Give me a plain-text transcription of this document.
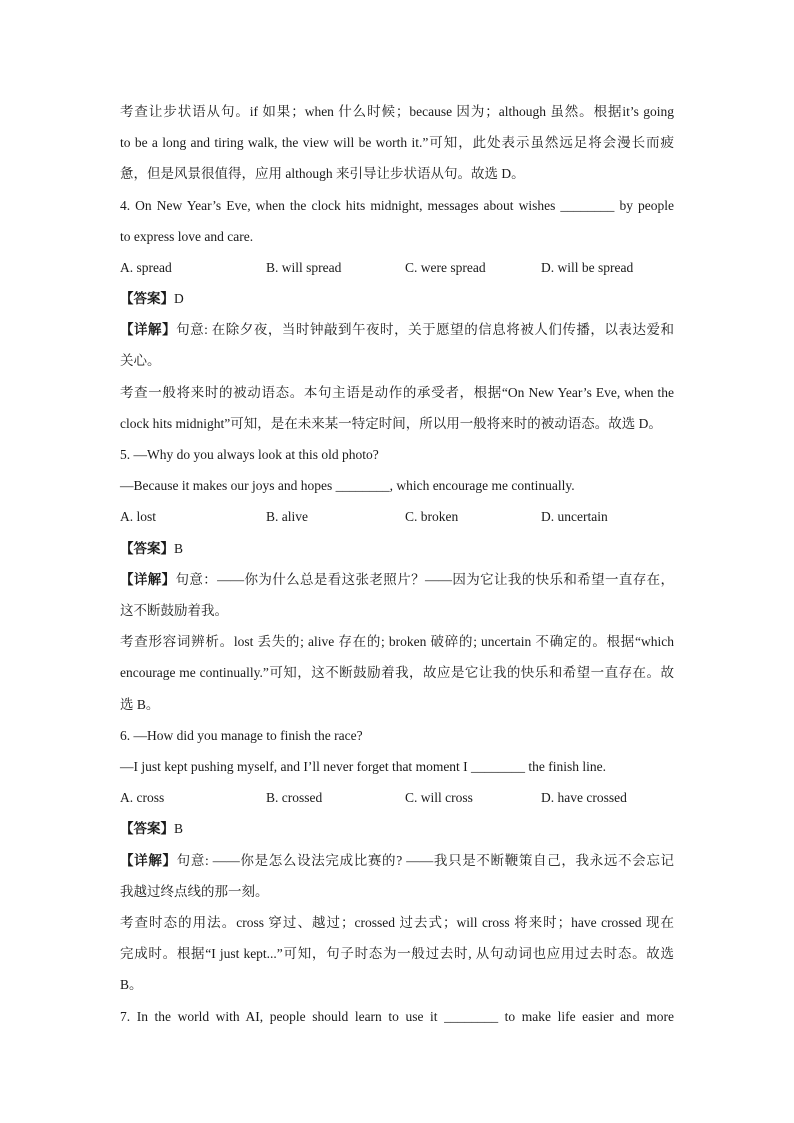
考查让步状语从句。if 如果；when 什么时候；because 因为；although 虽然。根据it’s going
to be a long and tiring walk, the view will be worth it.”可知，此处表示虽然远足将会漫长而疲
惫，但是风景很值得，应用 although 来引导让步状语从句。故选 D。
4. On New Year’s Eve, when the clock hits midnight, messages about wishes ________ by people
to express love and care.
A. spread	B. will spread	C. were spread	D. will be spread
【答案】D
【详解】句意: 在除夕夜，当时钟敲到午夜时，关于愿望的信息将被人们传播，以表达爱和
关心。
考查一般将来时的被动语态。本句主语是动作的承受者，根据“On New Year’s Eve, when the
clock hits midnight”可知，是在未来某一特定时间，所以用一般将来时的被动语态。故选 D。
5. —Why do you always look at this old photo?
—Because it makes our joys and hopes ________, which encourage me continually.
A. lost	B. alive	C. broken	D. uncertain
【答案】B
【详解】句意：——你为什么总是看这张老照片？——因为它让我的快乐和希望一直存在，
这不断鼓励着我。
考查形容词辨析。lost 丢失的; alive 存在的; broken 破碎的; uncertain 不确定的。根据“which
encourage me continually.”可知，这不断鼓励着我，故应是它让我的快乐和希望一直存在。故
选 B。
6. —How did you manage to finish the race?
—I just kept pushing myself, and I’ll never forget that moment I ________ the finish line.
A. cross	B. crossed	C. will cross	D. have crossed
【答案】B
【详解】句意: ——你是怎么设法完成比赛的? ——我只是不断鞭策自己，我永远不会忘记
我越过终点线的那一刻。
考查时态的用法。cross 穿过、越过；crossed 过去式；will cross 将来时；have crossed 现在
完成时。根据“I just kept...”可知，句子时态为一般过去时, 从句动词也应用过去时态。故选
B。
7. In the world with AI, people should learn to use it ________ to make life easier and more
